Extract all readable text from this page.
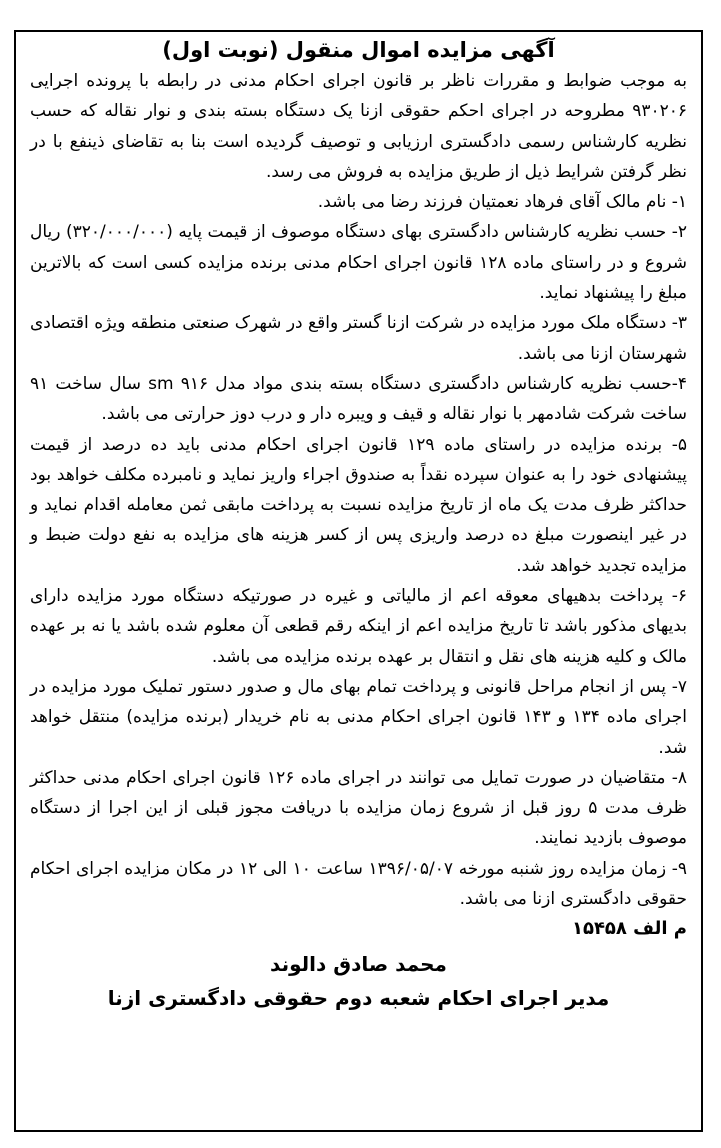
آگهی مزایده اموال منقول (نوبت اول)

به موجب ضوابط و مقررات ناظر بر قانون اجرای احکام مدنی در رابطه با پرونده اجرایی ۹۳۰۲۰۶ مطروحه در اجرای احکم حقوقی ازنا یک دستگاه بسته بندی و نوار نقاله که حسب نظریه کارشناس رسمی دادگستری ارزیابی و توصیف گردیده است بنا به تقاضای ذینفع با در نظر گرفتن شرایط ذیل از طریق مزایده به فروش می رسد.

۱- نام مالک آقای فرهاد نعمتیان فرزند رضا می باشد.

۲- حسب نظریه کارشناس دادگستری بهای دستگاه موصوف از قیمت پایه (۳۲۰/۰۰۰/۰۰۰) ریال شروع و در راستای ماده ۱۲۸ قانون اجرای احکام مدنی برنده مزایده کسی است که بالاترین مبلغ را پیشنهاد نماید.

۳- دستگاه ملک مورد مزایده در شرکت ازنا گستر واقع در شهرک صنعتی منطقه ویژه اقتصادی شهرستان ازنا می باشد.

۴-حسب نظریه کارشناس دادگستری دستگاه بسته بندی مواد مدل sm ۹۱۶ سال ساخت ۹۱ ساخت شرکت شادمهر با نوار نقاله و قیف و ویبره دار و درب دوز حرارتی می باشد.

۵- برنده مزایده در راستای ماده ۱۲۹ قانون اجرای احکام مدنی باید ده درصد از قیمت پیشنهادی خود را به عنوان سپرده نقداً به صندوق اجراء واریز نماید و نامبرده مکلف خواهد بود حداکثر ظرف مدت یک ماه از تاریخ مزایده نسبت به پرداخت مابقی ثمن معامله اقدام نماید و در غیر اینصورت مبلغ ده درصد واریزی پس از کسر هزینه های مزایده به نفع دولت ضبط و مزایده تجدید خواهد شد.

۶- پرداخت بدهیهای معوقه اعم از مالیاتی و غیره در صورتیکه دستگاه مورد مزایده دارای بدیهای مذکور باشد تا تاریخ مزایده اعم از اینکه رقم قطعی آن معلوم شده باشد یا نه بر عهده مالک و کلیه هزینه های نقل و انتقال بر عهده برنده مزایده می باشد.

۷- پس از انجام مراحل قانونی و پرداخت تمام بهای مال و صدور دستور تملیک مورد مزایده در اجرای ماده ۱۳۴ و ۱۴۳ قانون اجرای احکام مدنی به نام خریدار (برنده مزایده) منتقل خواهد شد.

۸- متقاضیان در صورت تمایل می توانند در اجرای ماده ۱۲۶ قانون اجرای احکام مدنی حداکثر ظرف مدت ۵ روز قبل از شروع زمان مزایده با دریافت مجوز قبلی از این اجرا از دستگاه موصوف بازدید نمایند.

۹- زمان مزایده روز شنبه مورخه ۱۳۹۶/۰۵/۰۷ ساعت ۱۰ الی ۱۲ در مکان مزایده اجرای احکام حقوقی دادگستری ازنا می باشد.

م الف ۱۵۴۵۸

محمد صادق دالوند
مدیر اجرای احکام شعبه دوم حقوقی دادگستری ازنا
